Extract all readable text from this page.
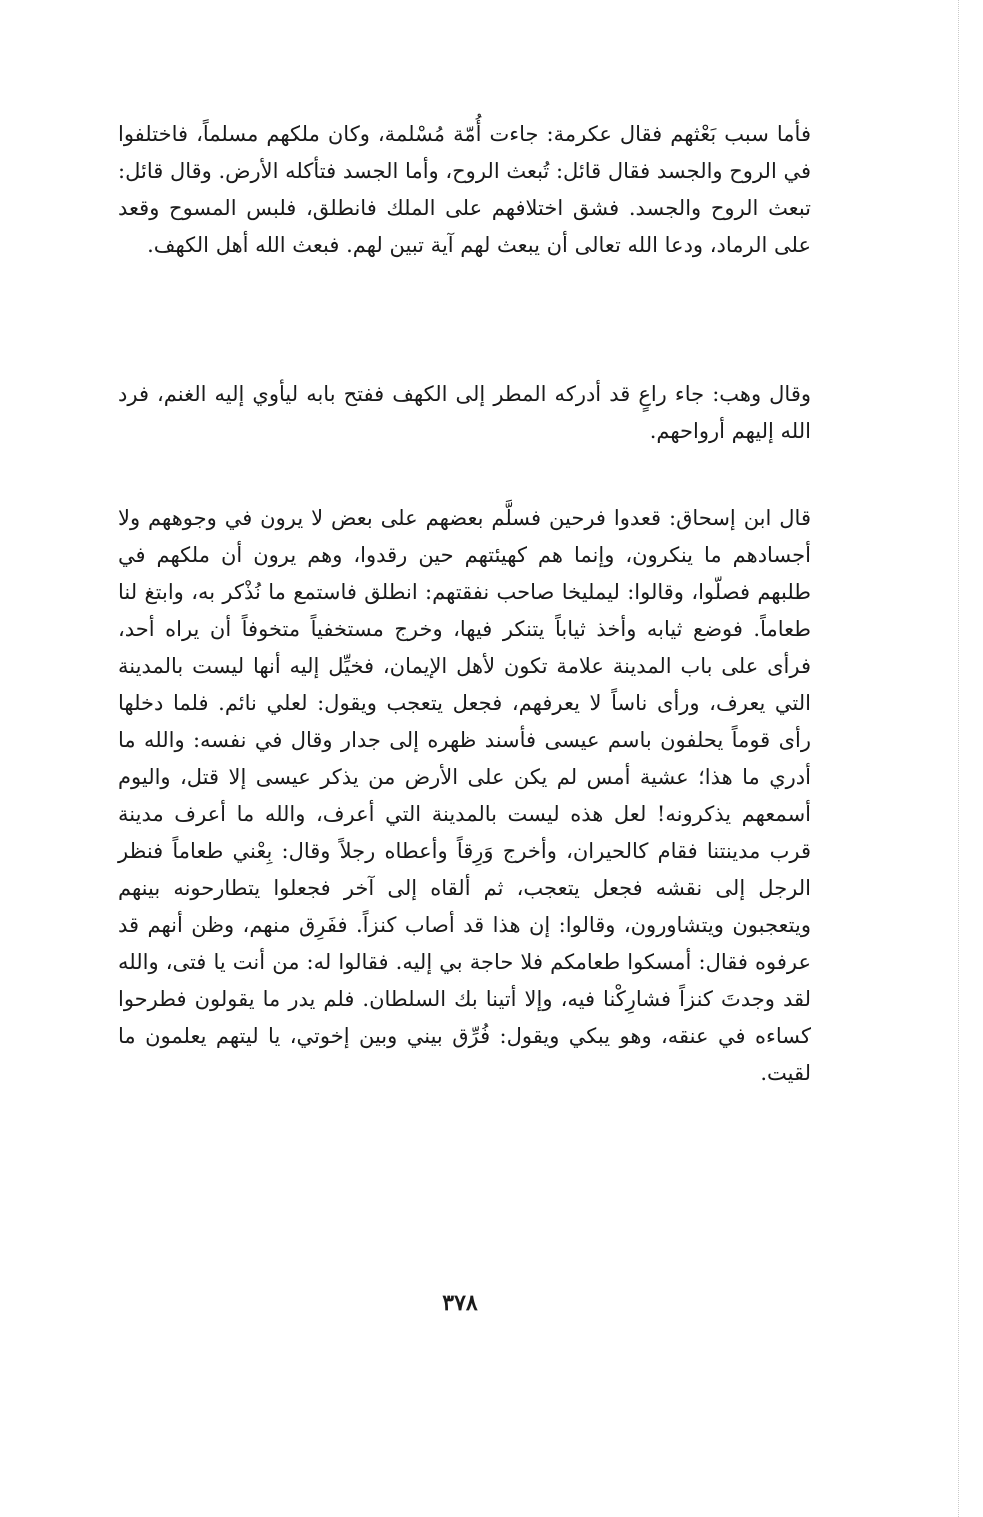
فأما سبب بَعْثهم فقال عكرمة: جاءت أُمّة مُسْلمة، وكان ملكهم مسلماً، فاختلفوا في الروح والجسد فقال قائل: تُبعث الروح، وأما الجسد فتأكله الأرض. وقال قائل: تبعث الروح والجسد. فشق اختلافهم على الملك فانطلق، فلبس المسوح وقعد على الرماد، ودعا الله تعالى أن يبعث لهم آية تبين لهم. فبعث الله أهل الكهف.

وقال وهب: جاء راعٍ قد أدركه المطر إلى الكهف ففتح بابه ليأوي إليه الغنم، فرد الله إليهم أرواحهم.

قال ابن إسحاق: قعدوا فرحين فسلَّم بعضهم على بعض لا يرون في وجوههم ولا أجسادهم ما ينكرون، وإنما هم كهيئتهم حين رقدوا، وهم يرون أن ملكهم في طلبهم فصلّوا، وقالوا: ليمليخا صاحب نفقتهم: انطلق فاستمع ما نُذْكر به، وابتغ لنا طعاماً. فوضع ثيابه وأخذ ثياباً يتنكر فيها، وخرج مستخفياً متخوفاً أن يراه أحد، فرأى على باب المدينة علامة تكون لأهل الإيمان، فخيِّل إليه أنها ليست بالمدينة التي يعرف، ورأى ناساً لا يعرفهم، فجعل يتعجب ويقول: لعلي نائم. فلما دخلها رأى قوماً يحلفون باسم عيسى فأسند ظهره إلى جدار وقال في نفسه: والله ما أدري ما هذا؛ عشية أمس لم يكن على الأرض من يذكر عيسى إلا قتل، واليوم أسمعهم يذكرونه! لعل هذه ليست بالمدينة التي أعرف، والله ما أعرف مدينة قرب مدينتنا فقام كالحيران، وأخرج وَرِقاً وأعطاه رجلاً وقال: بِعْني طعاماً فنظر الرجل إلى نقشه فجعل يتعجب، ثم ألقاه إلى آخر فجعلوا يتطارحونه بينهم ويتعجبون ويتشاورون، وقالوا: إن هذا قد أصاب كنزاً. ففَرِق منهم، وظن أنهم قد عرفوه فقال: أمسكوا طعامكم فلا حاجة بي إليه. فقالوا له: من أنت يا فتى، والله لقد وجدتَ كنزاً فشارِكْنا فيه، وإلا أتينا بك السلطان. فلم يدر ما يقولون فطرحوا كساءه في عنقه، وهو يبكي ويقول: فُرِّق بيني وبين إخوتي، يا ليتهم يعلمون ما لقيت.

٣٧٨
